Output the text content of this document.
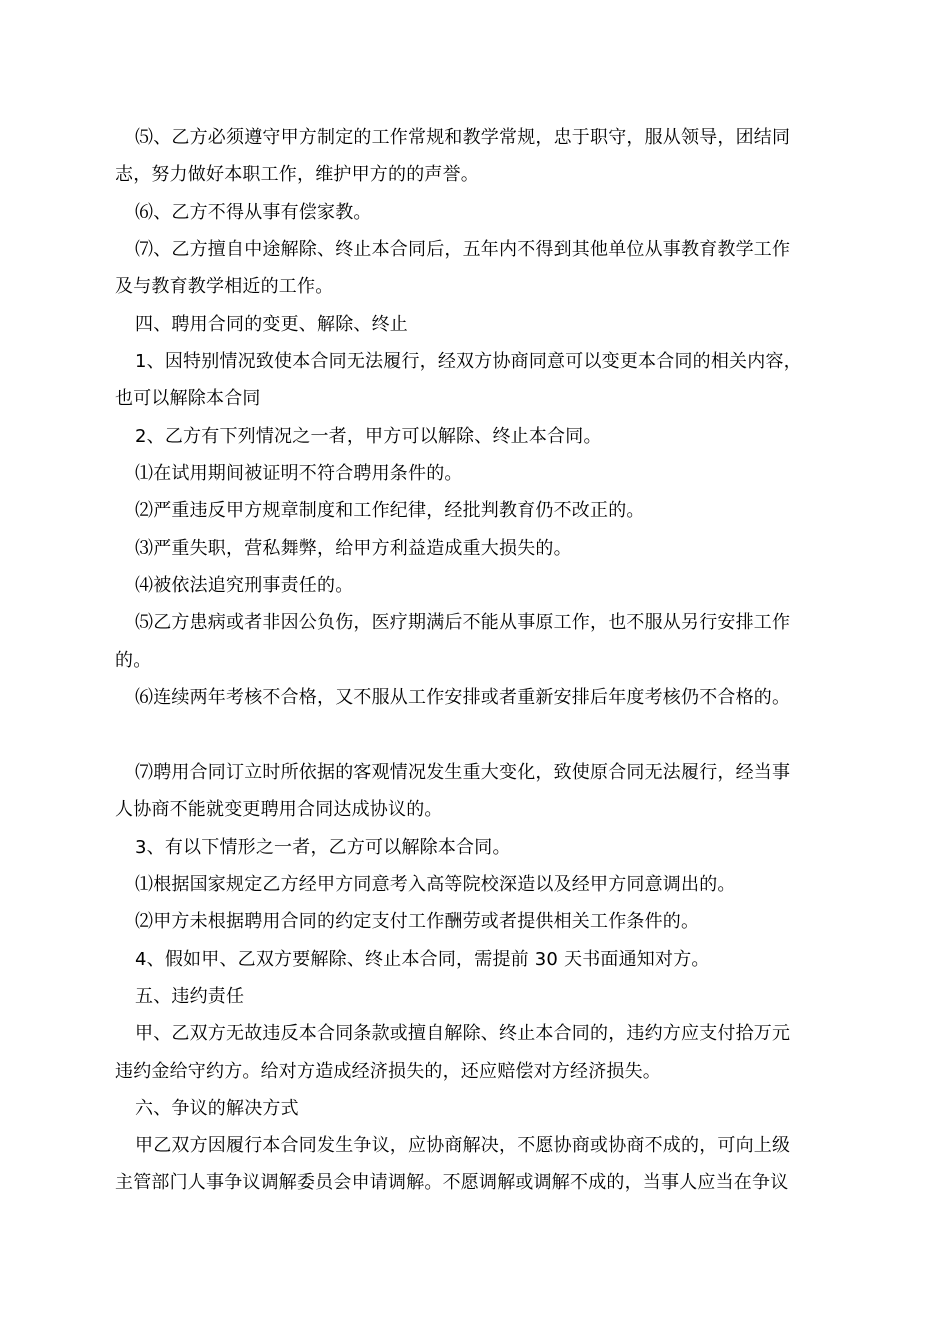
⑸、乙方必须遵守甲方制定的工作常规和教学常规，忠于职守，服从领导，团结同
志，努力做好本职工作，维护甲方的的声誉。
⑹、乙方不得从事有偿家教。
⑺、乙方擅自中途解除、终止本合同后，五年内不得到其他单位从事教育教学工作
及与教育教学相近的工作。
四、聘用合同的变更、解除、终止
1、因特别情况致使本合同无法履行，经双方协商同意可以变更本合同的相关内容，
也可以解除本合同
2、乙方有下列情况之一者，甲方可以解除、终止本合同。
⑴在试用期间被证明不符合聘用条件的。
⑵严重违反甲方规章制度和工作纪律，经批判教育仍不改正的。
⑶严重失职，营私舞弊，给甲方利益造成重大损失的。
⑷被依法追究刑事责任的。
⑸乙方患病或者非因公负伤，医疗期满后不能从事原工作，也不服从另行安排工作
的。
⑹连续两年考核不合格，又不服从工作安排或者重新安排后年度考核仍不合格的。
⑺聘用合同订立时所依据的客观情况发生重大变化，致使原合同无法履行，经当事
人协商不能就变更聘用合同达成协议的。
3、有以下情形之一者，乙方可以解除本合同。
⑴根据国家规定乙方经甲方同意考入高等院校深造以及经甲方同意调出的。
⑵甲方未根据聘用合同的约定支付工作酬劳或者提供相关工作条件的。
4、假如甲、乙双方要解除、终止本合同，需提前 30 天书面通知对方。
五、违约责任
甲、乙双方无故违反本合同条款或擅自解除、终止本合同的，违约方应支付拾万元
违约金给守约方。给对方造成经济损失的，还应赔偿对方经济损失。
六、争议的解决方式
甲乙双方因履行本合同发生争议，应协商解决，不愿协商或协商不成的，可向上级
主管部门人事争议调解委员会申请调解。不愿调解或调解不成的，当事人应当在争议
